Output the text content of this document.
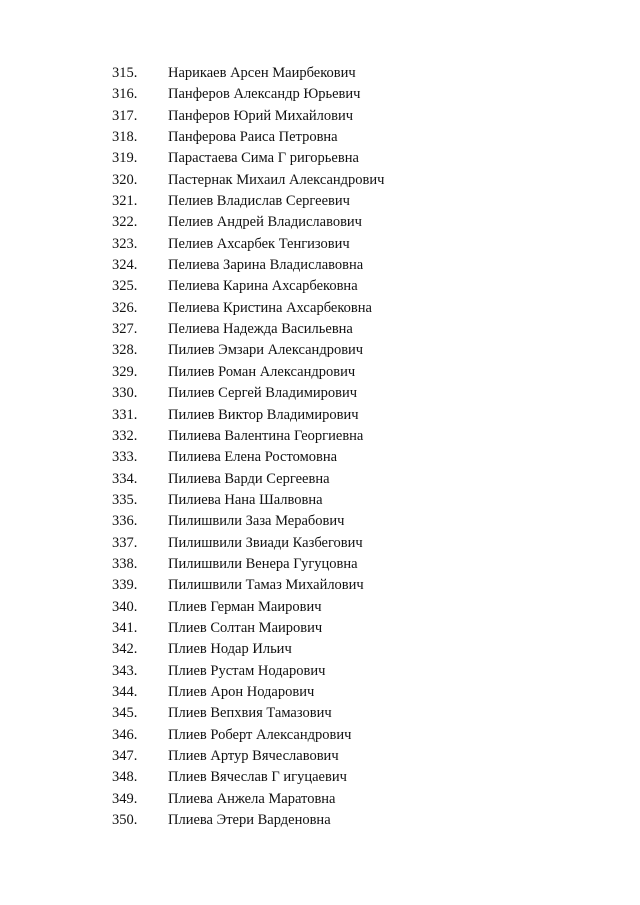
315.	Нарикаев Арсен Маирбекович
316.	Панферов Александр Юрьевич
317.	Панферов Юрий Михайлович
318.	Панферова Раиса Петровна
319.	Парастаева Сима Г ригорьевна
320.	Пастернак Михаил Александрович
321.	Пелиев Владислав Сергеевич
322.	Пелиев Андрей Владиславович
323.	Пелиев Ахсарбек Тенгизович
324.	Пелиева Зарина Владиславовна
325.	Пелиева Карина Ахсарбековна
326.	Пелиева Кристина Ахсарбековна
327.	Пелиева Надежда Васильевна
328.	Пилиев Эмзари Александрович
329.	Пилиев Роман Александрович
330.	Пилиев Сергей Владимирович
331.	Пилиев Виктор Владимирович
332.	Пилиева Валентина Георгиевна
333.	Пилиева Елена Ростомовна
334.	Пилиева Варди Сергеевна
335.	Пилиева Нана Шалвовна
336.	Пилишвили Заза Мерабович
337.	Пилишвили Звиади Казбегович
338.	Пилишвили Венера Гугуцовна
339.	Пилишвили Тамаз Михайлович
340.	Плиев Герман Маирович
341.	Плиев Солтан Маирович
342.	Плиев Нодар Ильич
343.	Плиев Рустам Нодарович
344.	Плиев Арон Нодарович
345.	Плиев Вепхвия Тамазович
346.	Плиев Роберт Александрович
347.	Плиев Артур Вячеславович
348.	Плиев Вячеслав Г игуцаевич
349.	Плиева Анжела Маратовна
350.	Плиева Этери Варденовна
